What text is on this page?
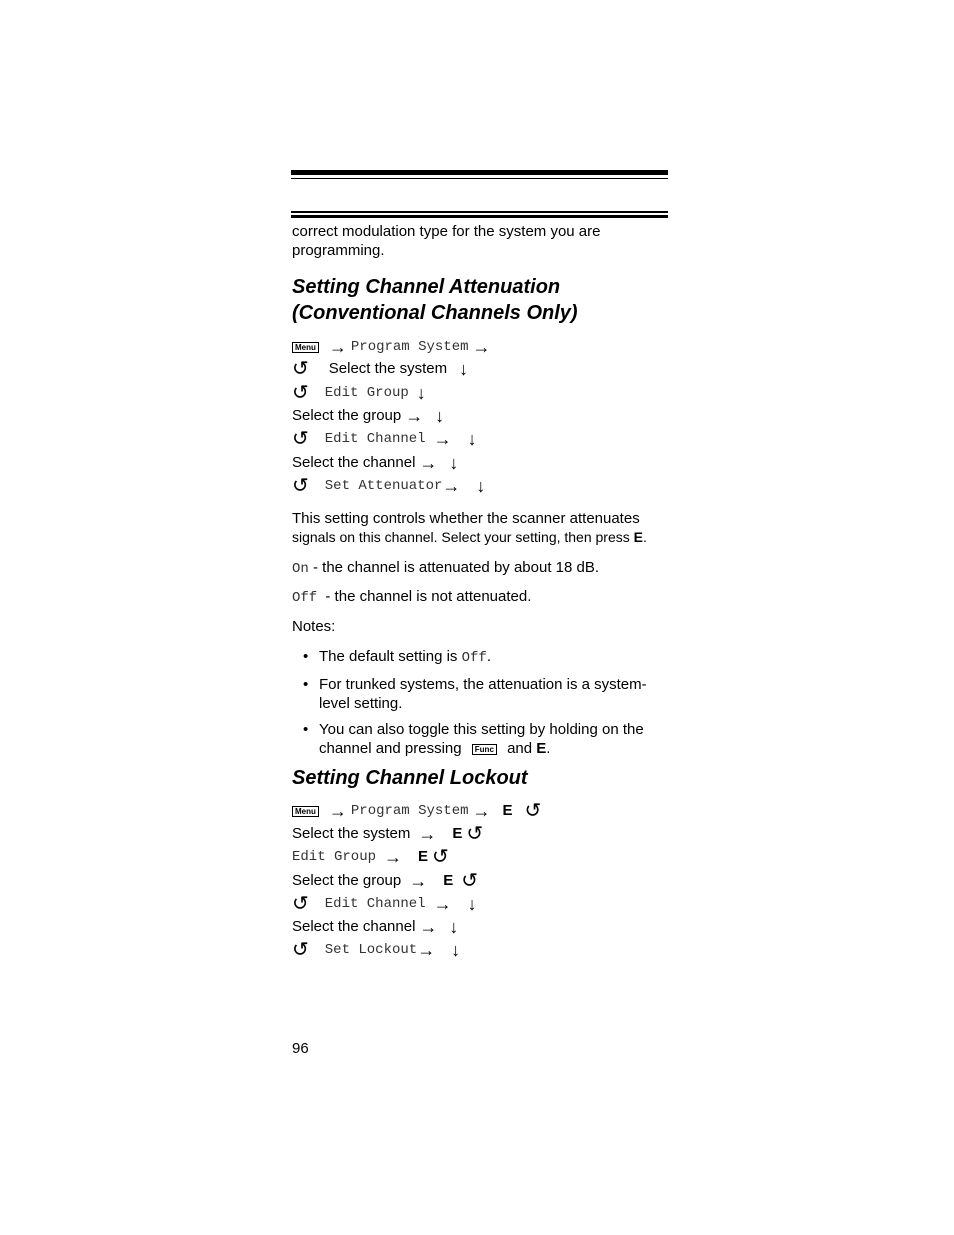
correct modulation type for the system you are programming.
Setting Channel Attenuation
(Conventional Channels Only)
Menu → Program System →
↺ Select the system ↓
↺ Edit Group ↓
Select the group → ↓
↺ Edit Channel → ↓
Select the channel → ↓
↺ Set Attenuator → ↓
This setting controls whether the scanner attenuates
signals on this channel. Select your setting, then press E.
On - the channel is attenuated by about 18 dB.
Off - the channel is not attenuated.
Notes:
• The default setting is Off.
• For trunked systems, the attenuation is a system-level setting.
• You can also toggle this setting by holding on the channel and pressing Func and E.
Setting Channel Lockout
Menu → Program System → E ↺
Select the system → E ↺
Edit Group → E ↺
Select the group → E ↺
↺ Edit Channel → ↓
Select the channel → ↓
↺ Set Lockout → ↓
96
